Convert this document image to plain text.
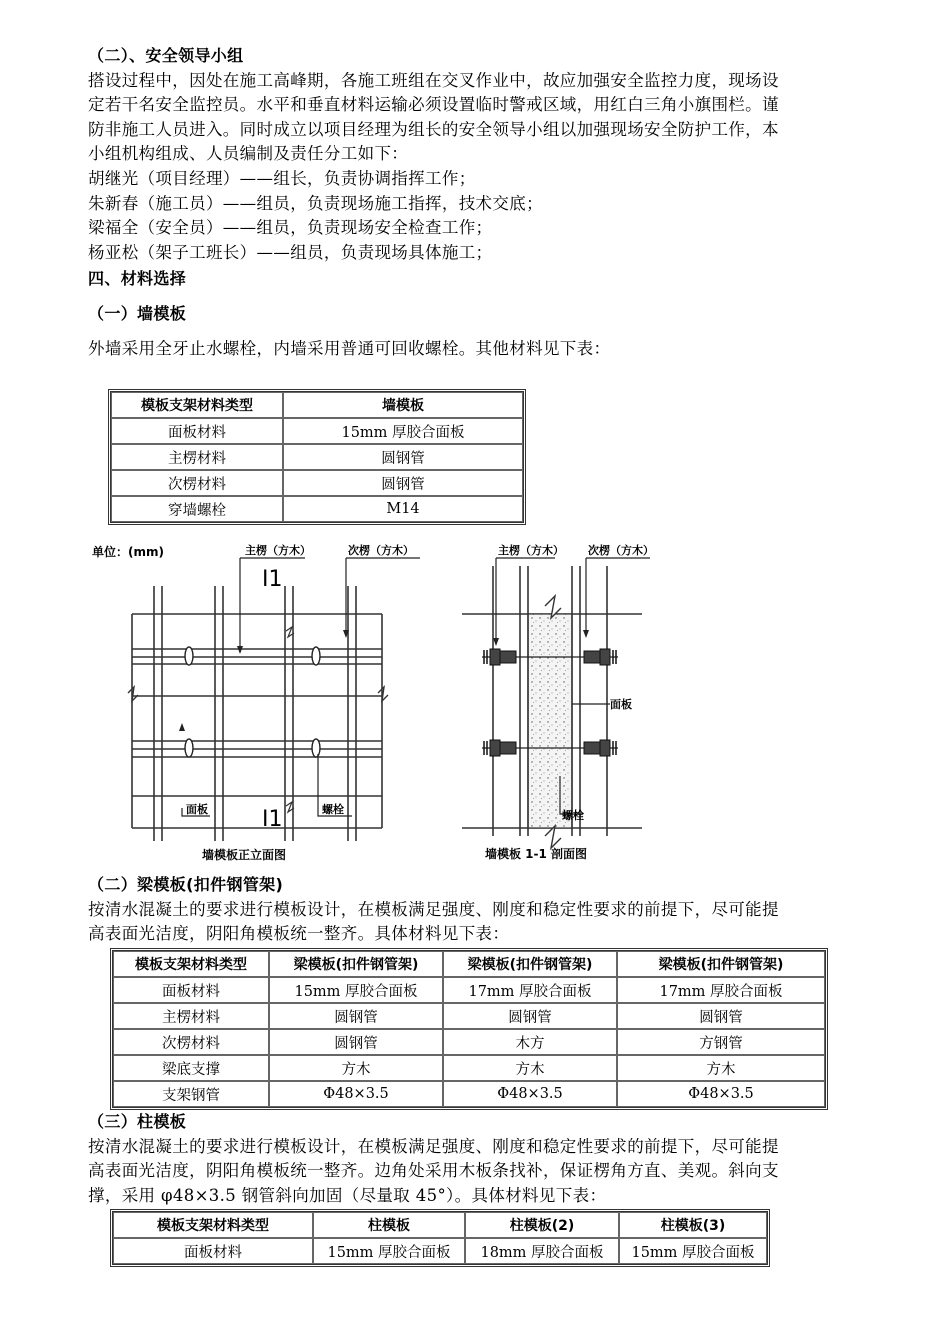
（二）、安全领导小组
搭设过程中，因处在施工高峰期，各施工班组在交叉作业中，故应加强安全监控力度，现场设
定若干名安全监控员。水平和垂直材料运输必须设置临时警戒区域，用红白三角小旗围栏。谨
防非施工人员进入。同时成立以项目经理为组长的安全领导小组以加强现场安全防护工作，本
小组机构组成、人员编制及责任分工如下：
胡继光（项目经理）——组长，负责协调指挥工作；
朱新春（施工员）——组员，负责现场施工指挥，技术交底；
梁福全（安全员）——组员，负责现场安全检查工作；
杨亚松（架子工班长）——组员，负责现场具体施工；
四、材料选择
（一）墙模板
外墙采用全牙止水螺栓，内墙采用普通可回收螺栓。其他材料见下表：
模板支架材料类型	墙模板
面板材料	15mm 厚胶合面板
主楞材料	圆钢管
次楞材料	圆钢管
穿墙螺栓	M14
单位：(mm)
I1
I1
主楞（方木）	次楞（方木）
面板	螺栓
墙模板正立面图
主楞（方木） 次楞（方木）
面板
螺栓
墙模板 1-1 剖面图
（二）梁模板(扣件钢管架)
按清水混凝土的要求进行模板设计，在模板满足强度、刚度和稳定性要求的前提下，尽可能提
高表面光洁度，阴阳角模板统一整齐。具体材料见下表：
模板支架材料类型	梁模板(扣件钢管架)	梁模板(扣件钢管架)	梁模板(扣件钢管架)
面板材料	15mm 厚胶合面板	17mm 厚胶合面板	17mm 厚胶合面板
主楞材料	圆钢管	圆钢管	圆钢管
次楞材料	圆钢管	木方	方钢管
梁底支撑	方木	方木	方木
支架钢管	Φ48×3.5	Φ48×3.5	Φ48×3.5
（三）柱模板
按清水混凝土的要求进行模板设计，在模板满足强度、刚度和稳定性要求的前提下，尽可能提
高表面光洁度，阴阳角模板统一整齐。边角处采用木板条找补，保证楞角方直、美观。斜向支
撑，采用 φ48×3.5 钢管斜向加固（尽量取 45°）。具体材料见下表：
模板支架材料类型	柱模板	柱模板(2)	柱模板(3)
面板材料	15mm 厚胶合面板	18mm 厚胶合面板	15mm 厚胶合面板
